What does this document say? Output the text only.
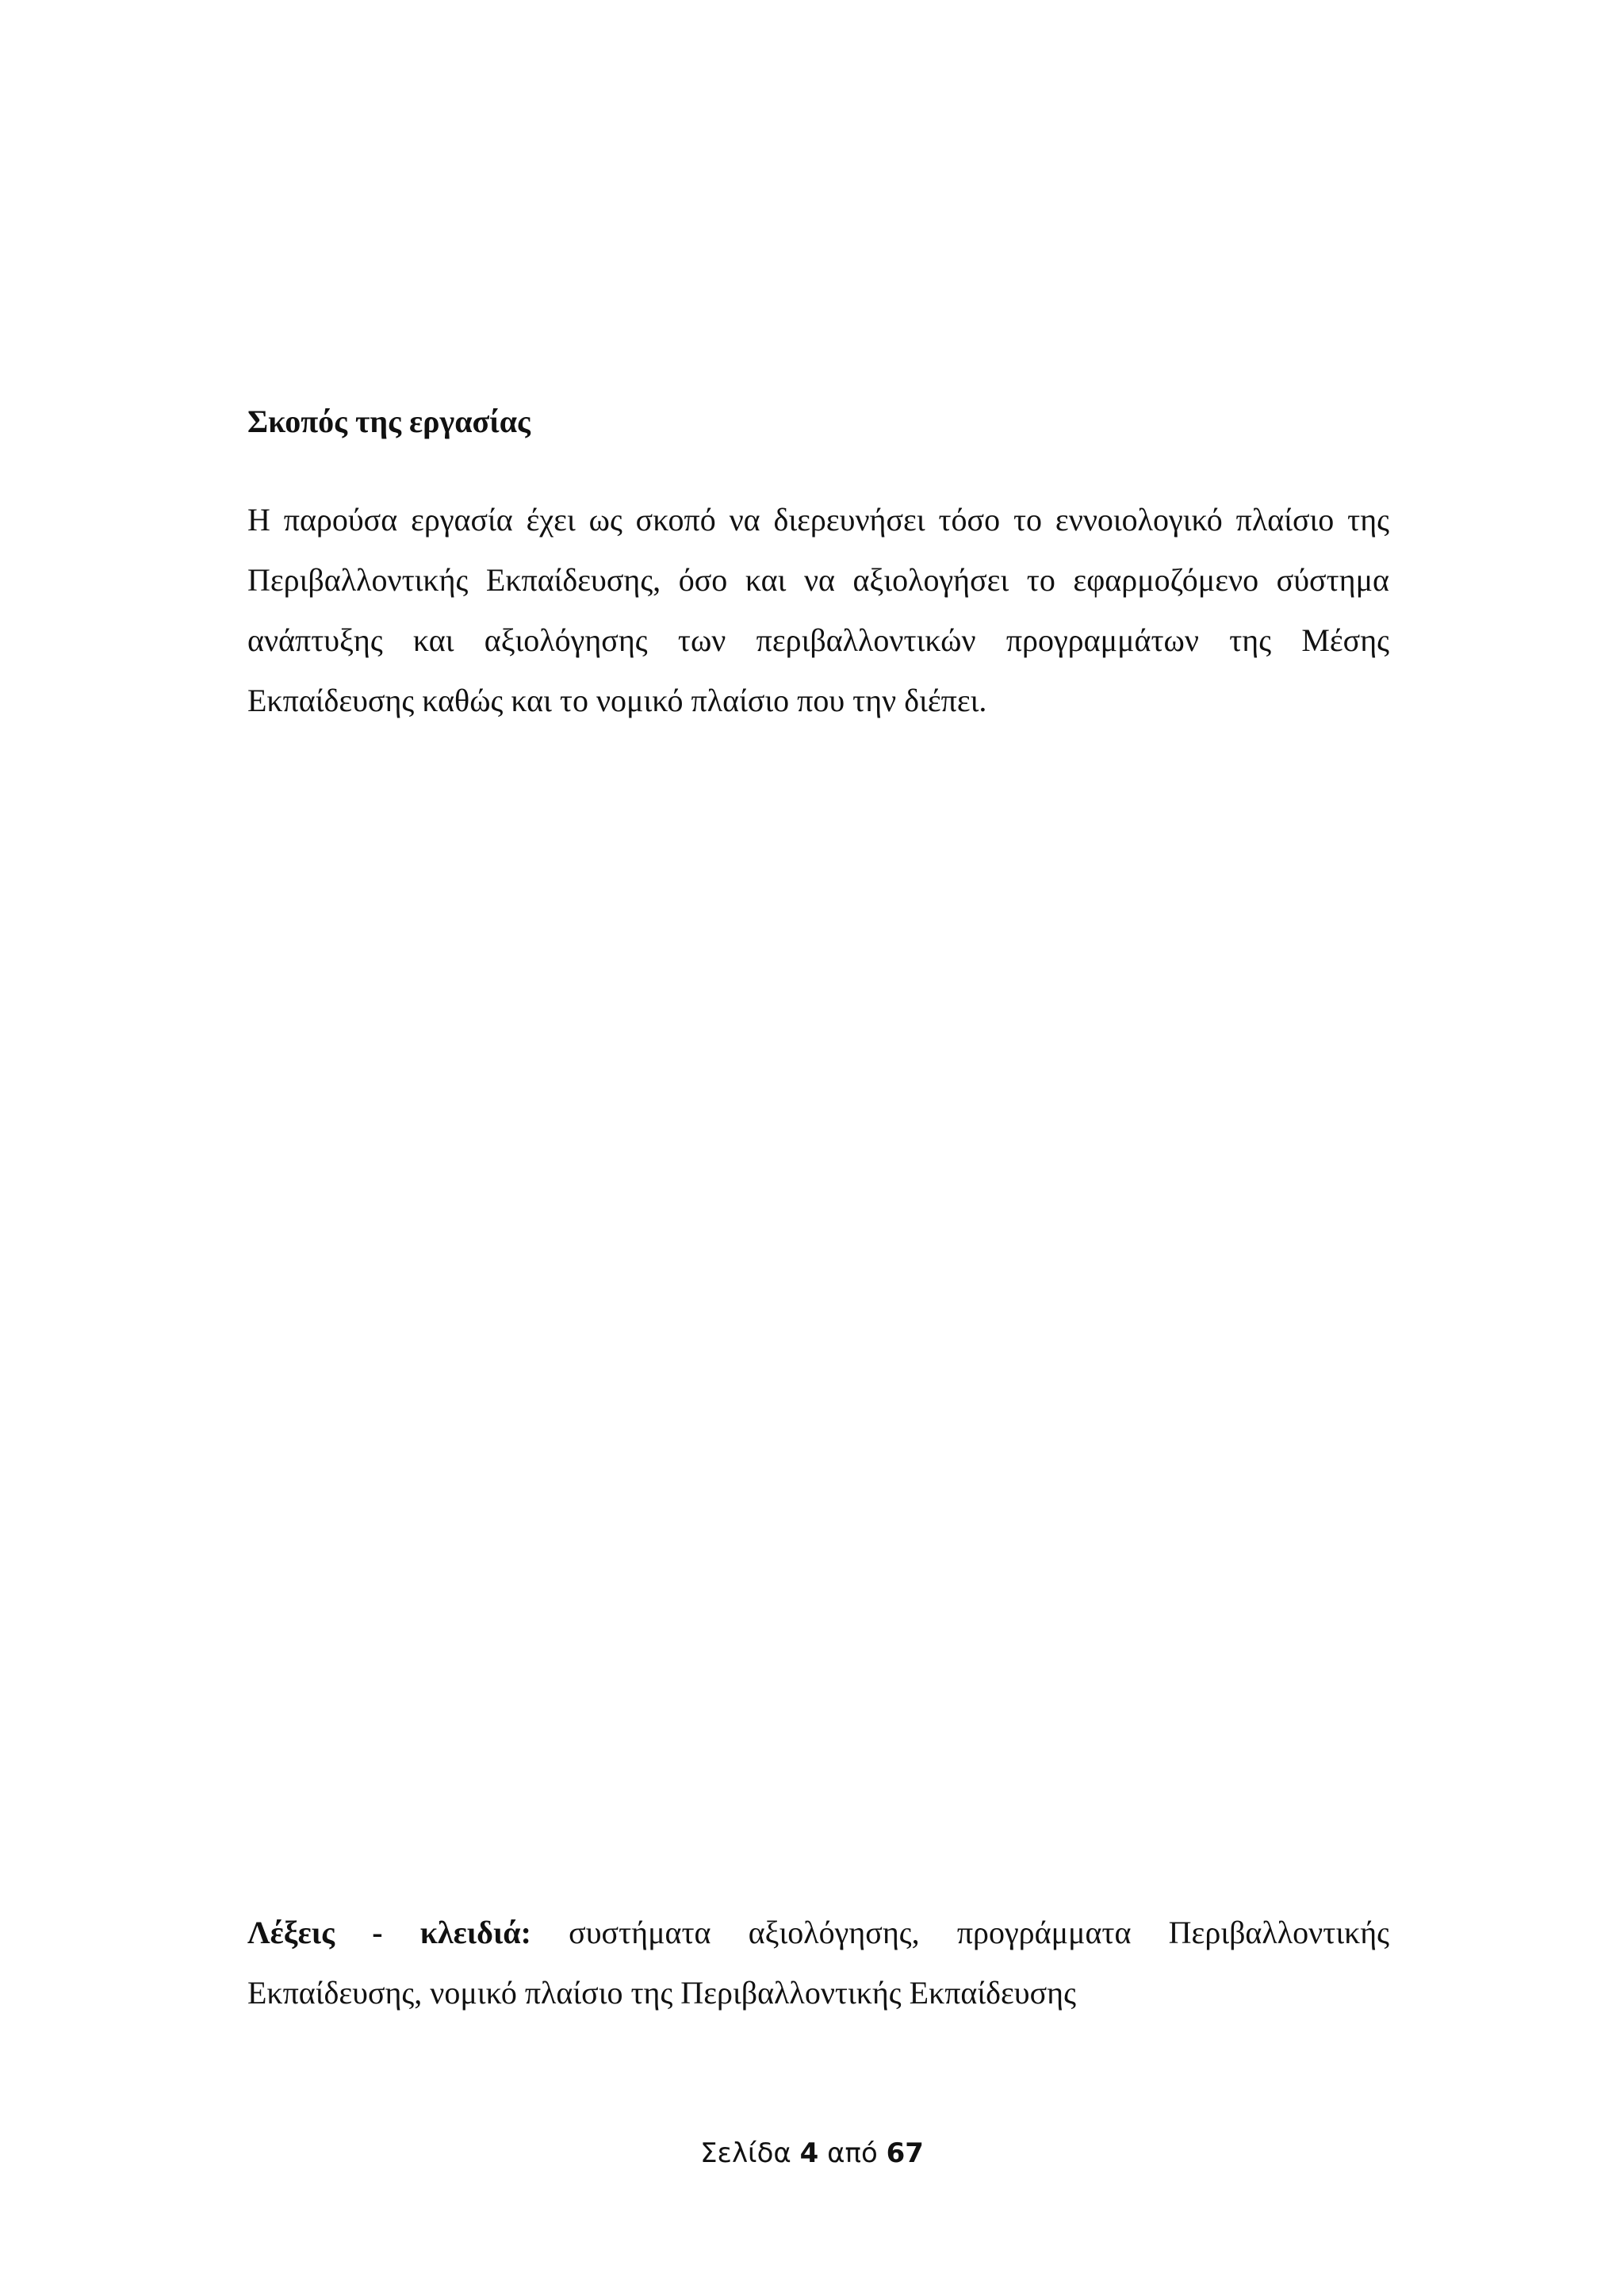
Σκοπός της εργασίας

Η παρούσα εργασία έχει ως σκοπό να διερευνήσει τόσο το εννοιολογικό πλαίσιο της
Περιβαλλοντικής Εκπαίδευσης, όσο και να αξιολογήσει το εφαρμοζόμενο σύστημα
ανάπτυξης και αξιολόγησης των περιβαλλοντικών προγραμμάτων της Μέσης
Εκπαίδευσης καθώς και το νομικό πλαίσιο που την διέπει.

Λέξεις - κλειδιά: συστήματα αξιολόγησης, προγράμματα Περιβαλλοντικής
Εκπαίδευσης, νομικό πλαίσιο της Περιβαλλοντικής Εκπαίδευσης

Σελίδα 4 από 67
